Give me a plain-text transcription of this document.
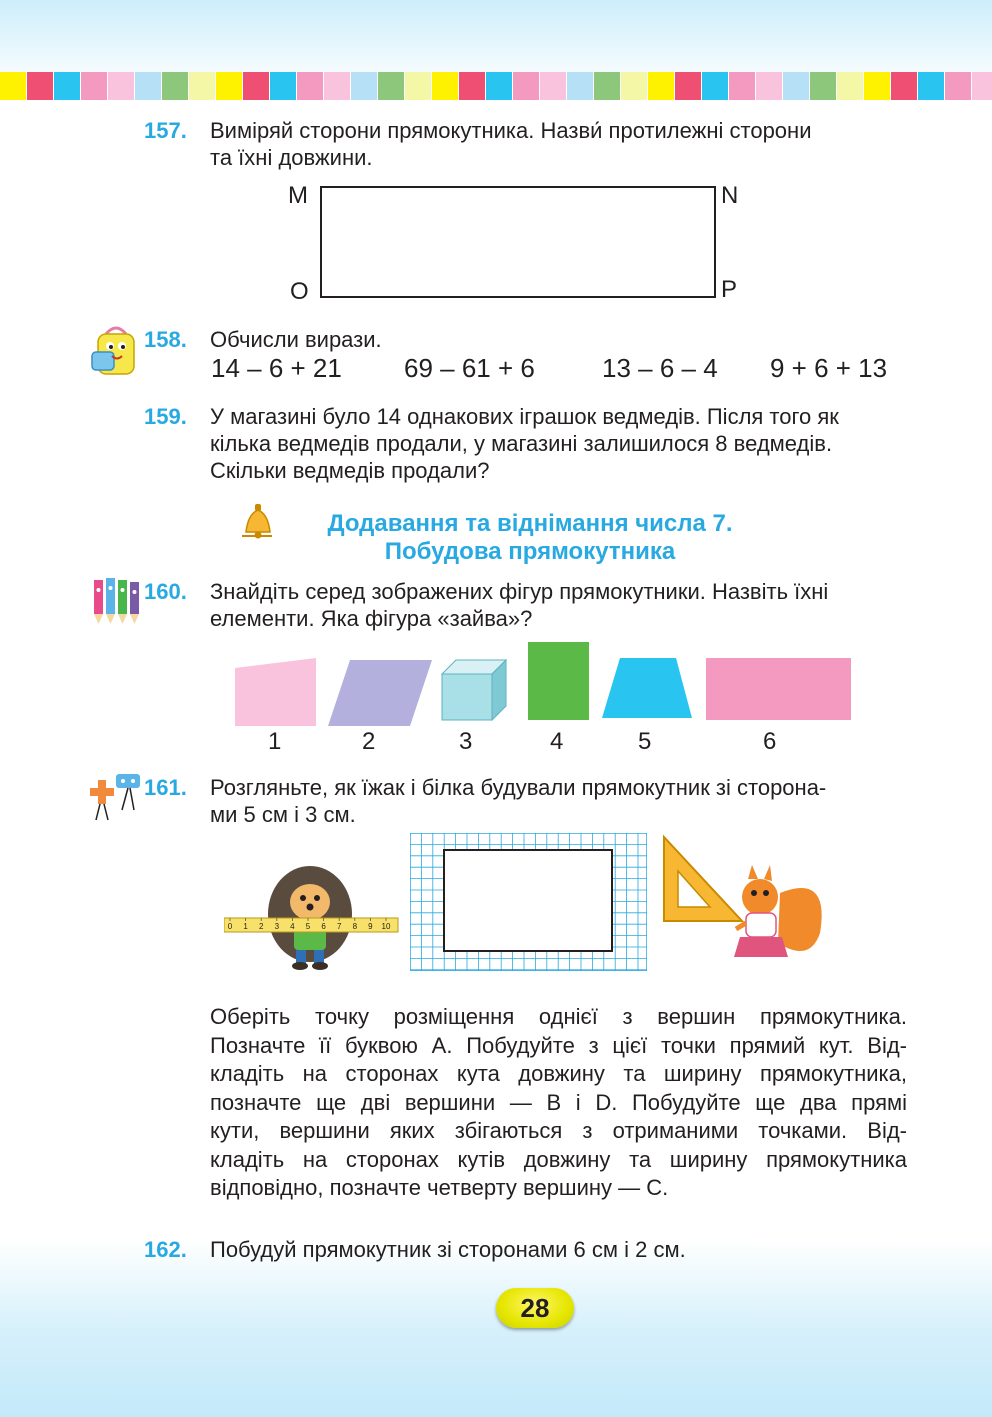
157. Виміряй сторони прямокутника. Назви́ протилежні сторони
та їхні довжини.
M	N
O	P
158. Обчисли вирази.
14 – 6 + 21 69 – 61 + 6	13 – 6 – 4 9 + 6 + 13
159. У магазині було 14 однакових іграшок ведмедів. Після того як
кілька ведмедів продали, у магазині залишилося 8 ведмедів.
Скільки ведмедів продали?
Додавання та віднімання числа 7.
Побудова прямокутника
160. Знайдіть серед зображених фігур прямокутники. Назвіть їхні
елементи. Яка фігура «зайва»?
1	2	3	4	5	6
161. Розгляньте, як їжак і білка будували прямокутник зі сторона-
ми 5 см і 3 см.
0 1 2 3 4 5 6 7 8 9 10
Оберіть точку розміщення однієї з вершин прямокутника.
Позначте її буквою А. Побудуйте з цієї точки прямий кут. Від-
кладіть на сторонах кута довжину та ширину прямокутника,
позначте ще дві вершини — В і D. Побудуйте ще два прямі
кути, вершини яких збігаються з отриманими точками. Від-
кладіть на сторонах кутів довжину та ширину прямокутника
відповідно, позначте четверту вершину — С.
162. Побудуй прямокутник зі сторонами 6 см і 2 см.
28
